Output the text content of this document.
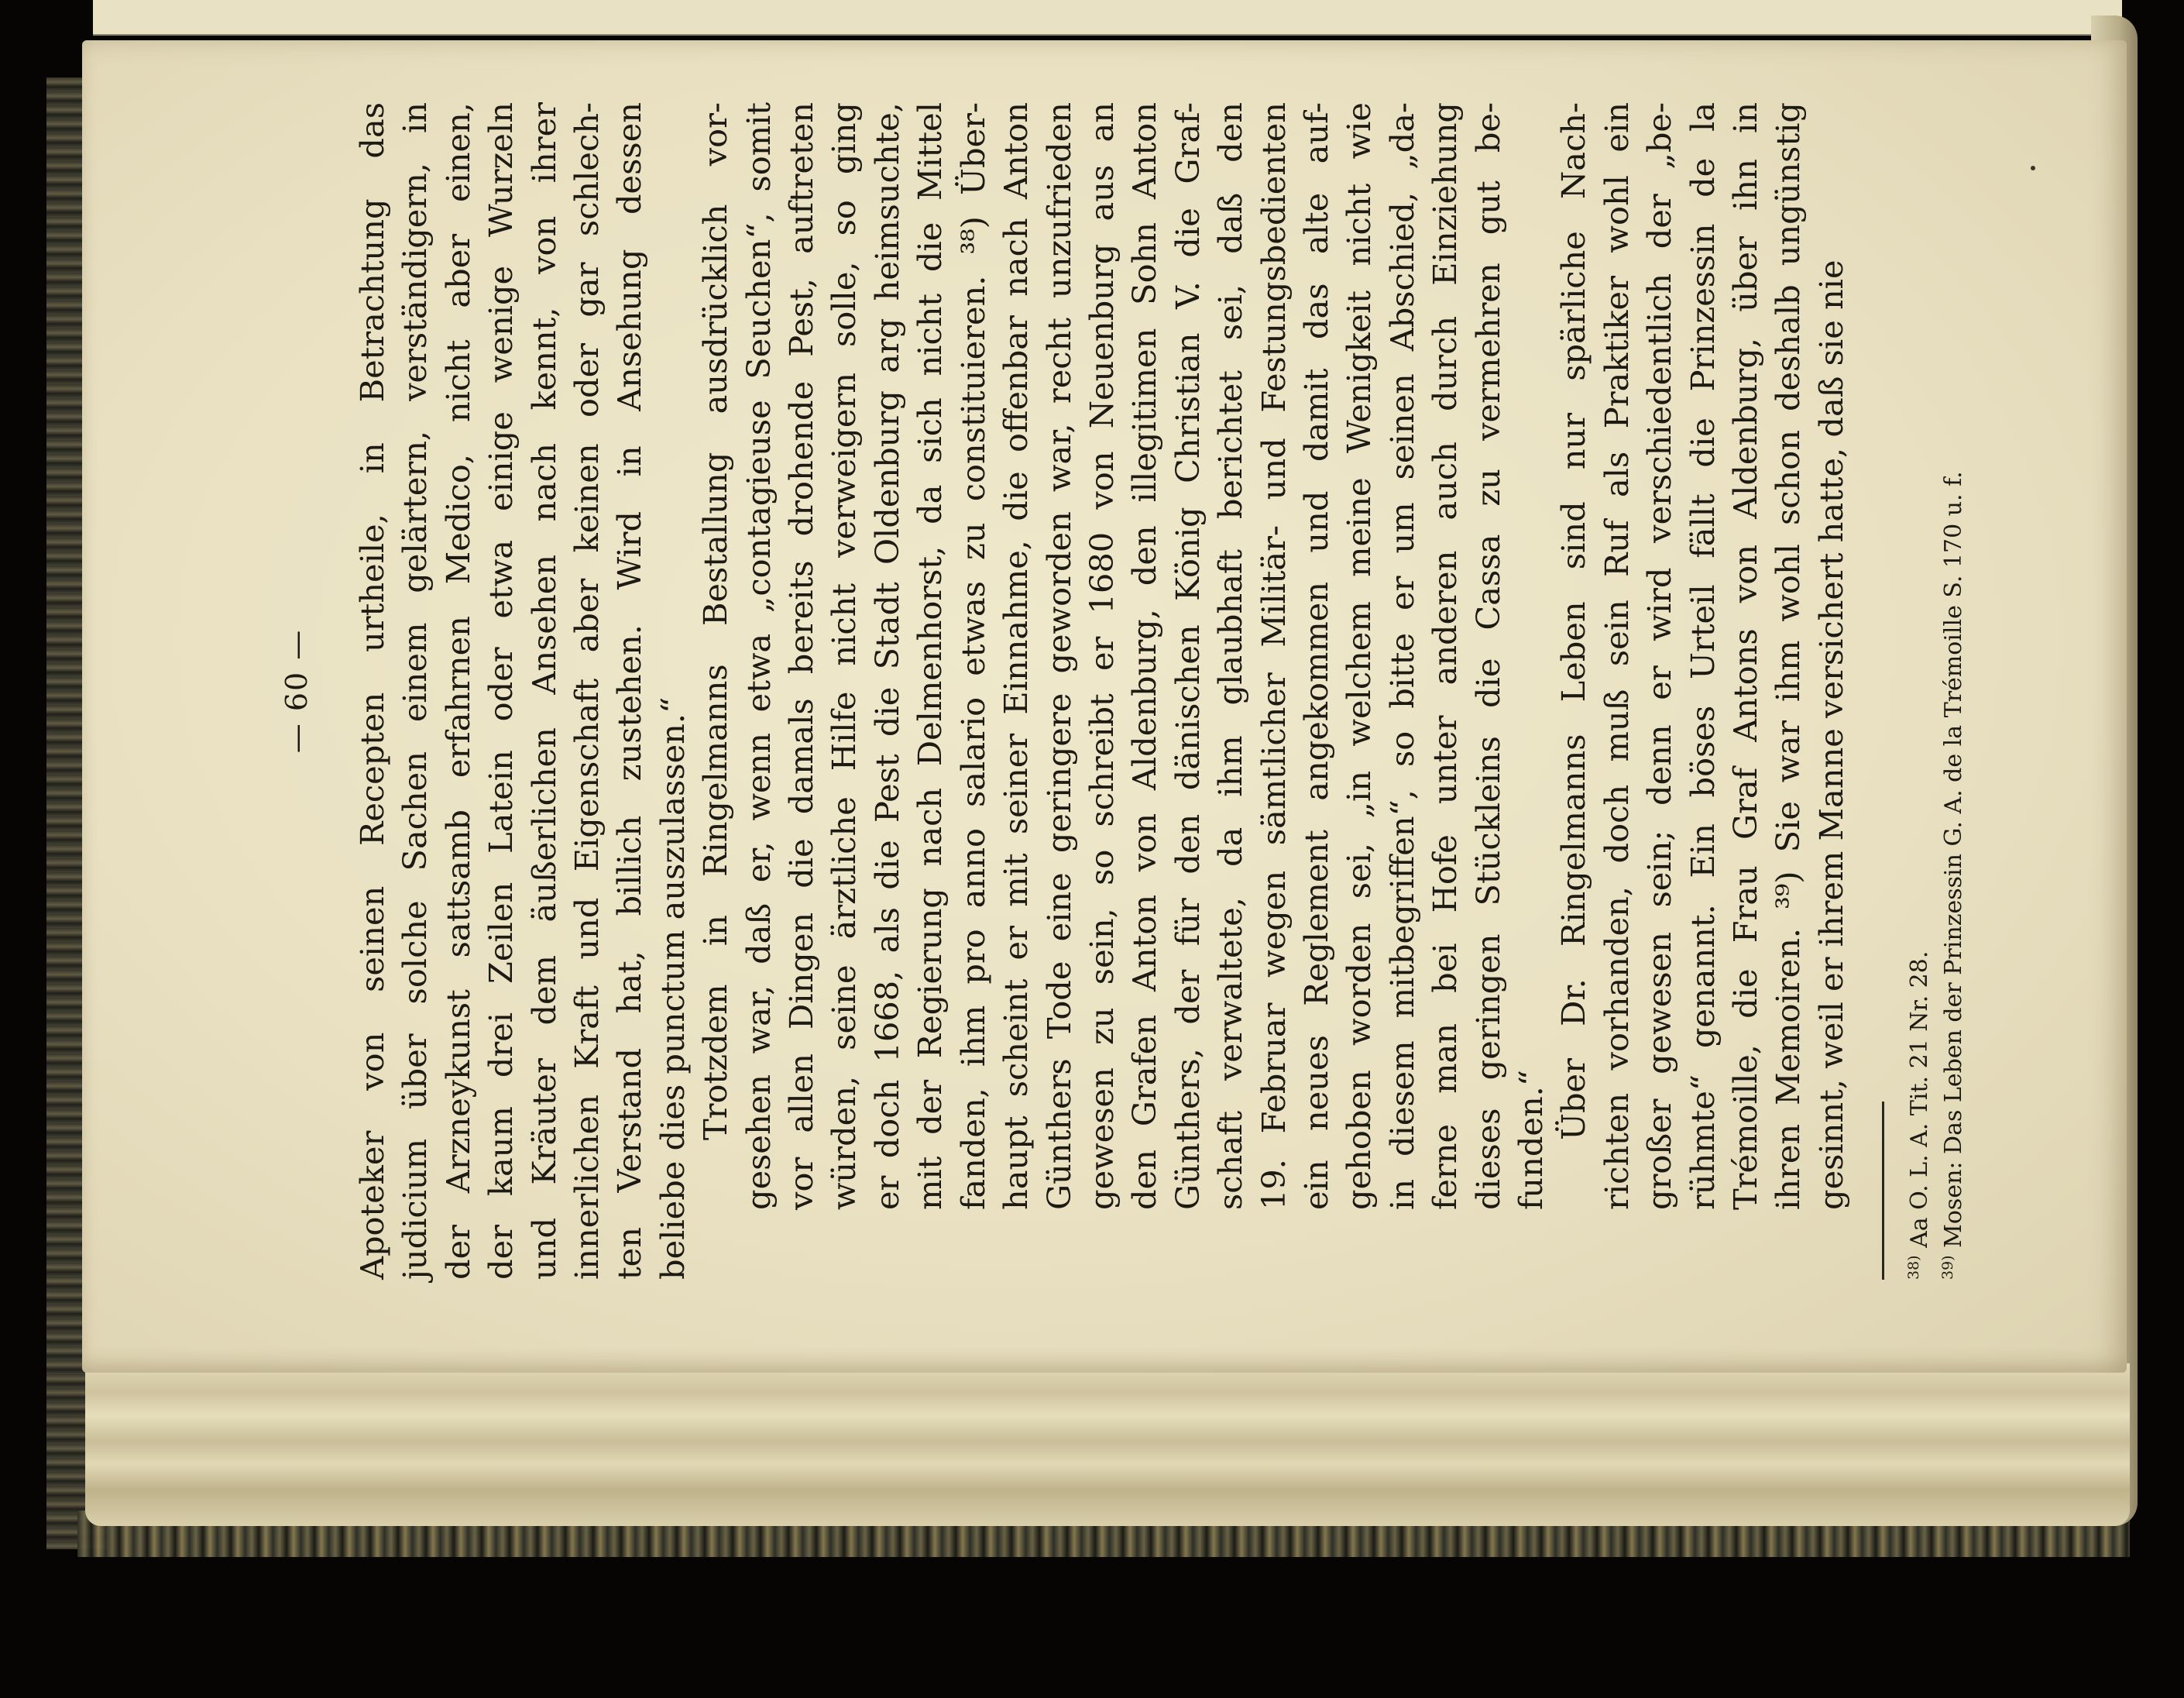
— 60 — Apoteker von seinen Recepten urtheile, in Betrachtung das judicium über solche Sachen einem gelärtern, verständigern, in der Arzneykunst sattsamb erfahrnen Medico, nicht aber einen, der kaum drei Zeilen Latein oder etwa einige wenige Wurzeln und Kräuter dem äußerlichen Ansehen nach kennt, von ihrer innerlichen Kraft und Eigenschaft aber keinen oder gar schlech- ten Verstand hat, billich zustehen. Wird in Ansehung dessen beliebe dies punctum auszulassen.“ Trotzdem in Ringelmanns Bestallung ausdrücklich vor- gesehen war, daß er, wenn etwa „contagieuse Seuchen“, somit vor allen Dingen die damals bereits drohende Pest, auftreten würden, seine ärztliche Hilfe nicht verweigern solle, so ging er doch 1668, als die Pest die Stadt Oldenburg arg heimsuchte, mit der Regierung nach Delmenhorst, da sich nicht die Mittel fanden, ihm pro anno salario etwas zu constituieren. ³⁸) Über- haupt scheint er mit seiner Einnahme, die offenbar nach Anton Günthers Tode eine geringere geworden war, recht unzufrieden gewesen zu sein, so schreibt er 1680 von Neuenburg aus an den Grafen Anton von Aldenburg, den illegitimen Sohn Anton Günthers, der für den dänischen König Christian V. die Graf- schaft verwaltete, da ihm glaubhaft berichtet sei, daß den 19. Februar wegen sämtlicher Militär- und Festungsbedienten ein neues Reglement angekommen und damit das alte auf- gehoben worden sei, „in welchem meine Wenigkeit nicht wie in diesem mitbegriffen“, so bitte er um seinen Abschied, „da- ferne man bei Hofe unter anderen auch durch Einziehung dieses geringen Stückleins die Cassa zu vermehren gut be- funden.“ Über Dr. Ringelmanns Leben sind nur spärliche Nach- richten vorhanden, doch muß sein Ruf als Praktiker wohl ein großer gewesen sein; denn er wird verschiedentlich der „be- rühmte“ genannt. Ein böses Urteil fällt die Prinzessin de la Trémoille, die Frau Graf Antons von Aldenburg, über ihn in ihren Memoiren. ³⁹) Sie war ihm wohl schon deshalb ungünstig gesinnt, weil er ihrem Manne versichert hatte, daß sie nie

$^{38)}$ Aa O. L. A. Tit. 21 Nr. 28.
$^{39)}$ Mosen: Das Leben der Prinzessin G. A. de la Trémoille S. 170 u. f.
